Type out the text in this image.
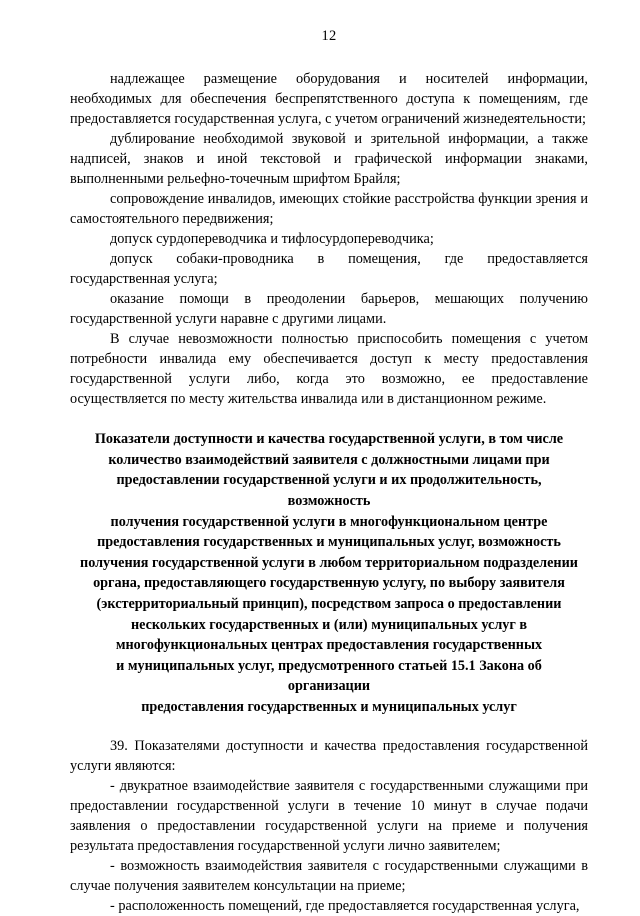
12

надлежащее размещение оборудования и носителей информации, необходимых для обеспечения беспрепятственного доступа к помещениям, где предоставляется государственная услуга, с учетом ограничений жизнедеятельности;

дублирование необходимой звуковой и зрительной информации, а также надписей, знаков и иной текстовой и графической информации знаками, выполненными рельефно-точечным шрифтом Брайля;

сопровождение инвалидов, имеющих стойкие расстройства функции зрения и самостоятельного передвижения;

допуск сурдопереводчика и тифлосурдопереводчика;

допуск собаки-проводника в помещения, где предоставляется государственная услуга;

оказание помощи в преодолении барьеров, мешающих получению государственной услуги наравне с другими лицами.

В случае невозможности полностью приспособить помещения с учетом потребности инвалида ему обеспечивается доступ к месту предоставления государственной услуги либо, когда это возможно, ее предоставление осуществляется по месту жительства инвалида или в дистанционном режиме.

Показатели доступности и качества государственной услуги, в том числе
количество взаимодействий заявителя с должностными лицами при
предоставлении государственной услуги и их продолжительность, возможность
получения государственной услуги в многофункциональном центре
предоставления государственных и муниципальных услуг, возможность
получения государственной услуги в любом территориальном подразделении
органа, предоставляющего государственную услугу, по выбору заявителя
(экстерриториальный принцип), посредством запроса о предоставлении
нескольких государственных и (или) муниципальных услуг в
многофункциональных центрах предоставления государственных
и муниципальных услуг, предусмотренного статьей 15.1 Закона об организации
предоставления государственных и муниципальных услуг

39. Показателями доступности и качества предоставления государственной услуги являются:

- двукратное взаимодействие заявителя с государственными служащими при предоставлении государственной услуги в течение 10 минут в случае подачи заявления о предоставлении государственной услуги на приеме и получения результата предоставления государственной услуги лично заявителем;

- возможность взаимодействия заявителя с государственными служащими в случае получения заявителем консультации на приеме;

- расположенность помещений, где предоставляется государственная услуга,
